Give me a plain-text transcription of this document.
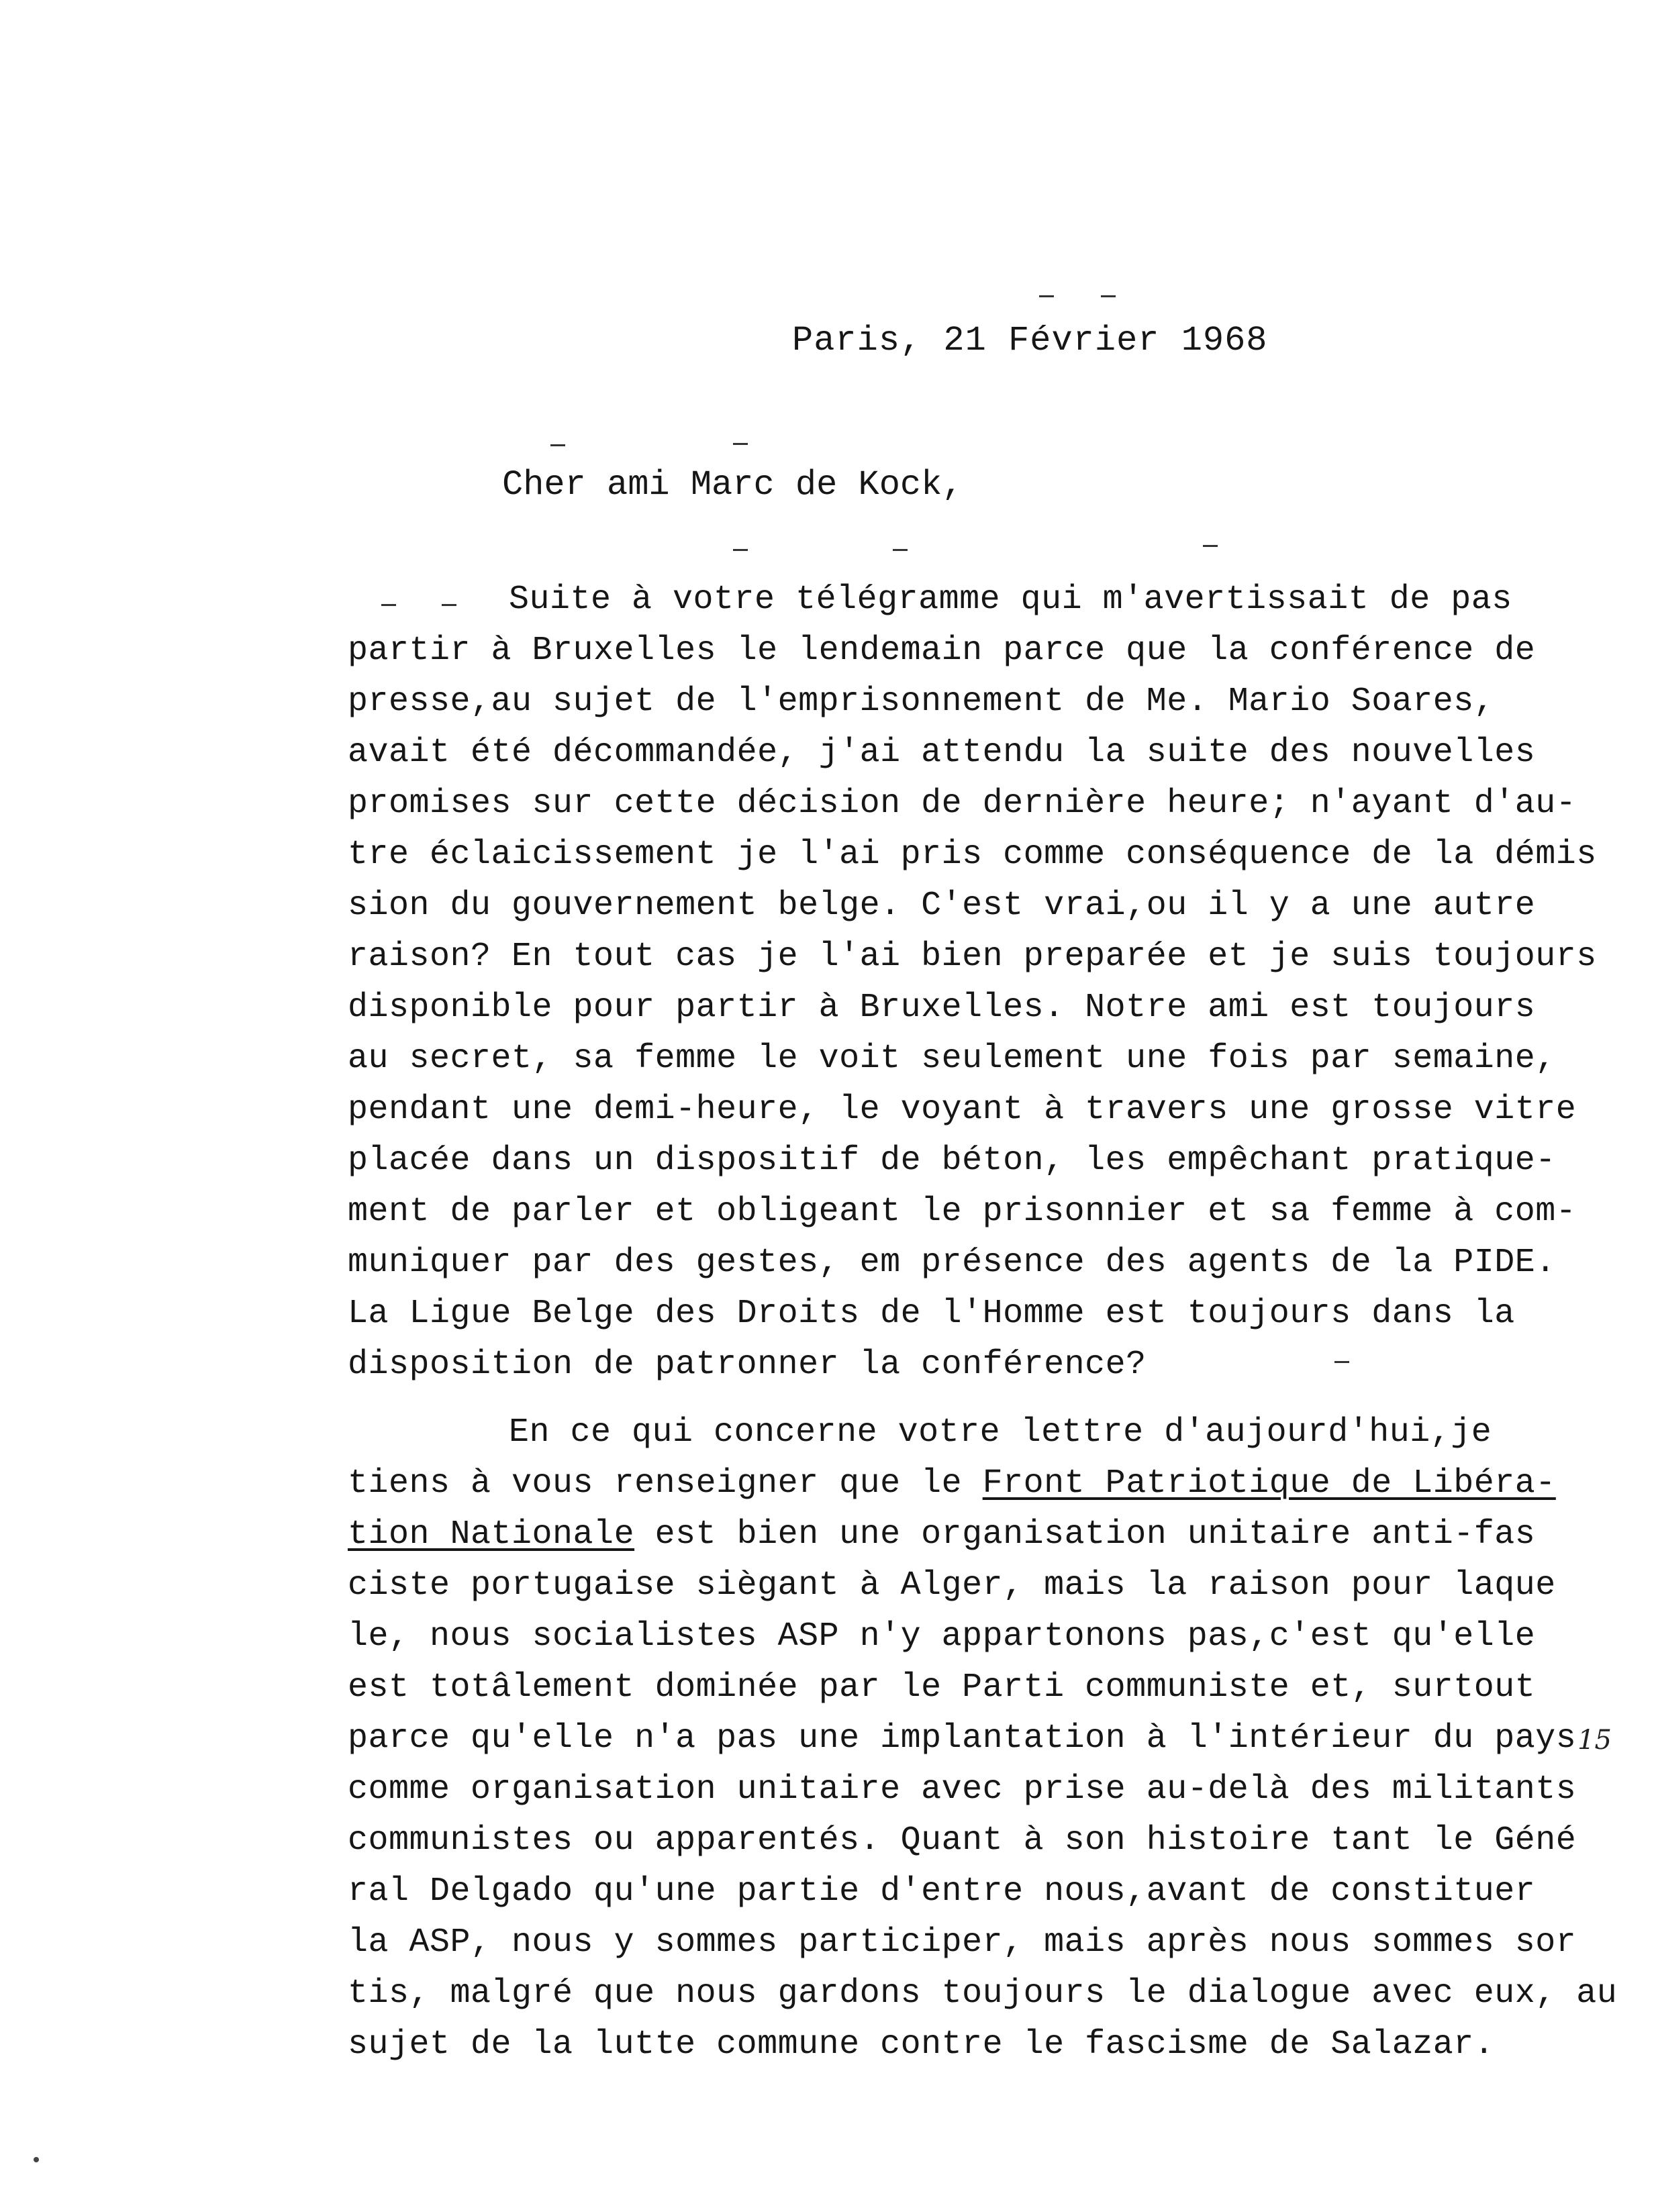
Paris, 21 Février 1968
Cher ami Marc de Kock,
Suite à votre télégramme qui m'avertissait de pas
partir à Bruxelles le lendemain parce que la conférence de
presse,au sujet de l'emprisonnement de Me. Mario Soares,
avait été décommandée, j'ai attendu la suite des nouvelles
promises sur cette décision de dernière heure; n'ayant d'au-
tre éclaicissement je l'ai pris comme conséquence de la démis
sion du gouvernement belge. C'est vrai,ou il y a une autre
raison? En tout cas je l'ai bien preparée et je suis toujours
disponible pour partir à Bruxelles. Notre ami est toujours
au secret, sa femme le voit seulement une fois par semaine,
pendant une demi-heure, le voyant à travers une grosse vitre
placée dans un dispositif de béton, les empêchant pratique-
ment de parler et obligeant le prisonnier et sa femme à com-
muniquer par des gestes, em présence des agents de la PIDE.
La Ligue Belge des Droits de l'Homme est toujours dans la
disposition de patronner la conférence?
En ce qui concerne votre lettre d'aujourd'hui,je
tiens à vous renseigner que le Front Patriotique de Libéra-
tion Nationale est bien une organisation unitaire anti-fas
ciste portugaise siègant à Alger, mais la raison pour laque
le, nous socialistes ASP n'y appartonons pas,c'est qu'elle
est totâlement dominée par le Parti communiste et, surtout
parce qu'elle n'a pas une implantation à l'intérieur du pays
comme organisation unitaire avec prise au-delà des militants
communistes ou apparentés. Quant à son histoire tant le Géné
ral Delgado qu'une partie d'entre nous,avant de constituer
la ASP, nous y sommes participer, mais après nous sommes sor
tis, malgré que nous gardons toujours le dialogue avec eux, au
sujet de la lutte commune contre le fascisme de Salazar.
15
